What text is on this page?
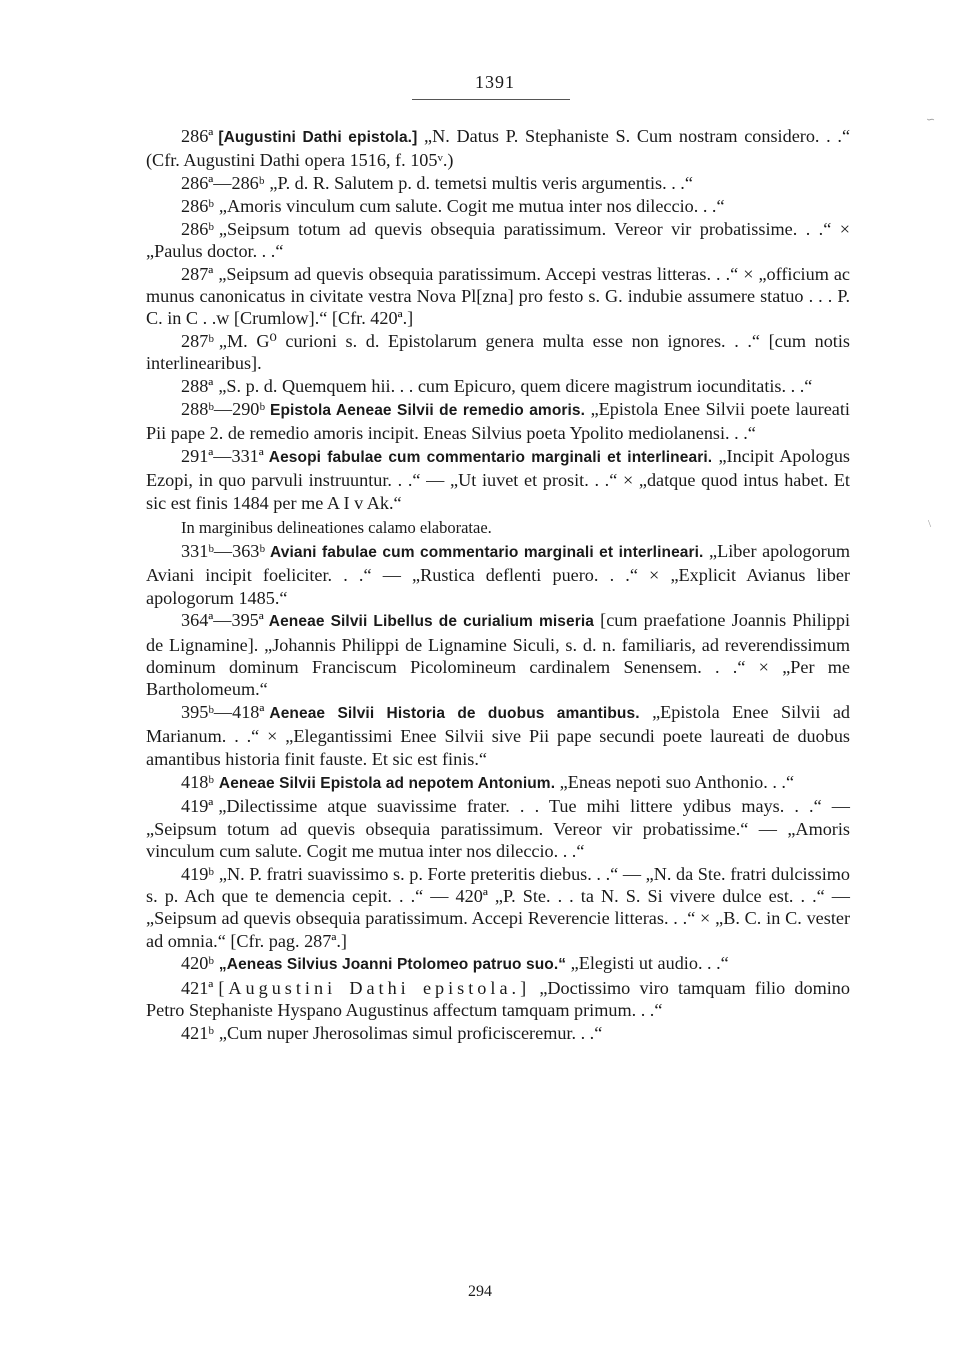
1391
∽
\

286ª [Augustini Dathi epistola.] „N. Datus P. Stephaniste S. Cum nostram considero. . .“ (Cfr. Augustini Dathi opera 1516, f. 105ᵛ.)

286ª—286ᵇ „P. d. R. Salutem p. d. temetsi multis veris argumentis. . .“

286ᵇ „Amoris vinculum cum salute. Cogit me mutua inter nos dileccio. . .“

286ᵇ „Seipsum totum ad quevis obsequia paratissimum. Vereor vir probatissime. . .“ × „Paulus doctor. . .“

287ª „Seipsum ad quevis obsequia paratissimum. Accepi vestras litteras. . .“ × „officium ac munus canonicatus in civitate vestra Nova Pl[zna] pro festo s. G. indubie assumere statuo . . . P. C. in C . .w [Crumlow].“ [Cfr. 420ª.]

287ᵇ „M. G⁰ curioni s. d. Epistolarum genera multa esse non ignores. . .“ [cum notis interlinearibus].

288ª „S. p. d. Quemquem hii. . . cum Epicuro, quem dicere magistrum iocunditatis. . .“

288ᵇ—290ᵇ Epistola Aeneae Silvii de remedio amoris. „Epistola Enee Silvii poete laureati Pii pape 2. de remedio amoris incipit. Eneas Silvius poeta Ypolito mediolanensi. . .“

291ª—331ª Aesopi fabulae cum commentario marginali et interlineari. „Incipit Apologus Ezopi, in quo parvuli instruuntur. . .“ — „Ut iuvet et prosit. . .“ × „datque quod intus habet. Et sic est finis 1484 per me A I v Ak.“

In marginibus delineationes calamo elaboratae.

331ᵇ—363ᵇ Aviani fabulae cum commentario marginali et interlineari. „Liber apologorum Aviani incipit foeliciter. . .“ — „Rustica deflenti puero. . .“ × „Explicit Avianus liber apologorum 1485.“

364ª—395ª Aeneae Silvii Libellus de curialium miseria [cum praefatione Joannis Philippi de Lignamine]. „Johannis Philippi de Lignamine Siculi, s. d. n. familiaris, ad reverendissimum dominum dominum Franciscum Picolomineum cardinalem Senensem. . .“ × „Per me Bartholomeum.“

395ᵇ—418ª Aeneae Silvii Historia de duobus amantibus. „Epistola Enee Silvii ad Marianum. . .“ × „Elegantissimi Enee Silvii sive Pii pape secundi poete laureati de duobus amantibus historia finit fauste. Et sic est finis.“

418ᵇ Aeneae Silvii Epistola ad nepotem Antonium. „Eneas nepoti suo Anthonio. . .“

419ª „Dilectissime atque suavissime frater. . . Tue mihi littere ydibus mays. . .“ — „Seipsum totum ad quevis obsequia paratissimum. Vereor vir probatissime.“ — „Amoris vinculum cum salute. Cogit me mutua inter nos dileccio. . .“

419ᵇ „N. P. fratri suavissimo s. p. Forte preteritis diebus. . .“ — „N. da Ste. fratri dulcissimo s. p. Ach que te demencia cepit. . .“ — 420ª „P. Ste. . . ta N. S. Si vivere dulce est. . .“ — „Seipsum ad quevis obsequia paratissimum. Accepi Reverencie litteras. . .“ × „B. C. in C. vester ad omnia.“ [Cfr. pag. 287ª.]

420ᵇ „Aeneas Silvius Joanni Ptolomeo patruo suo.“ „Elegisti ut audio. . .“

421ª [Augustini Dathi epistola.] „Doctissimo viro tamquam filio domino Petro Stephaniste Hyspano Augustinus affectum tamquam primum. . .“

421ᵇ „Cum nuper Jherosolimas simul proficisceremur. . .“

294
